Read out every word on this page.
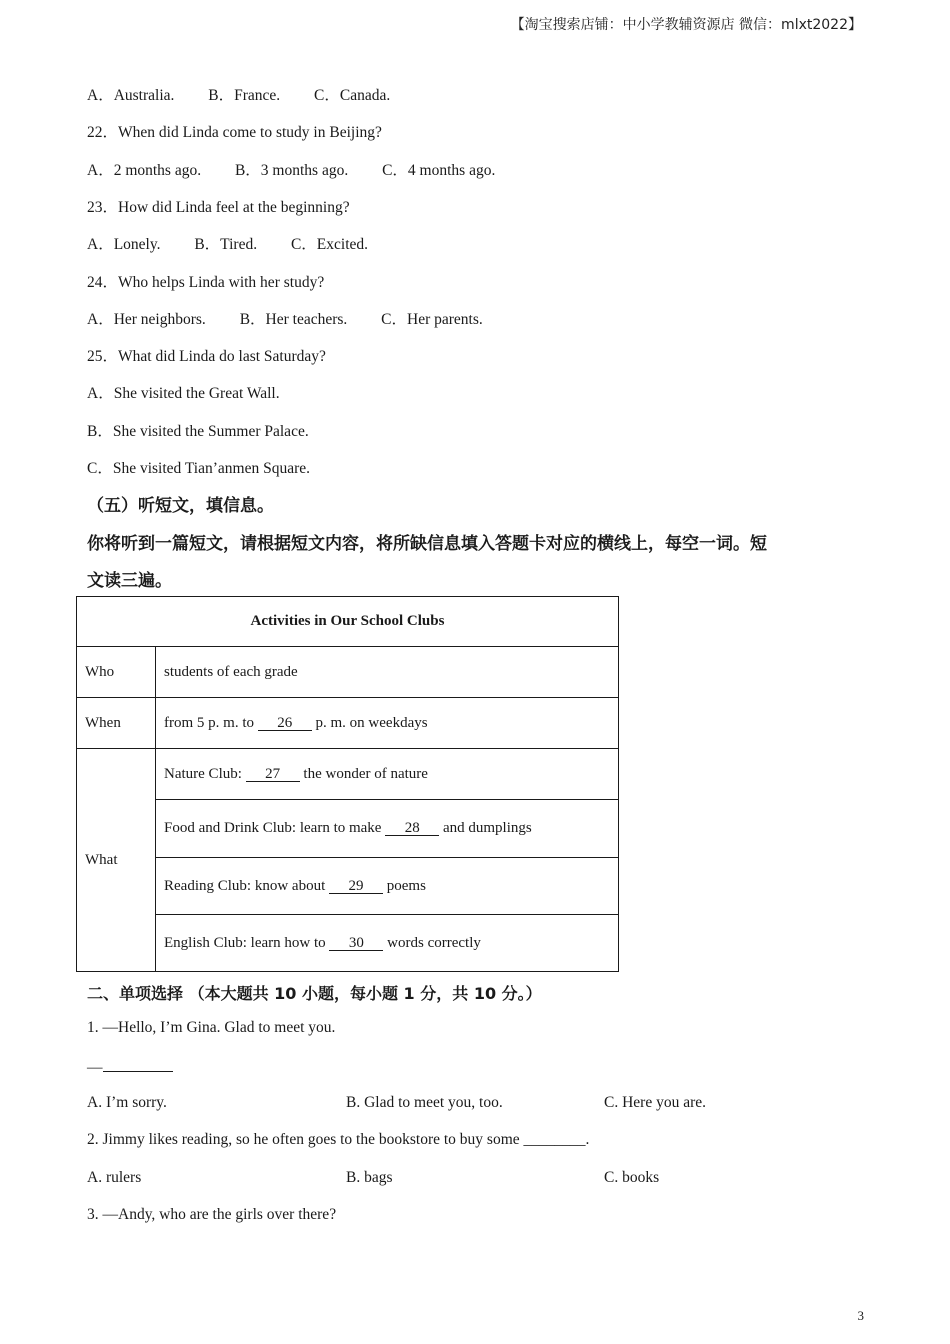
【淘宝搜索店铺：中小学教辅资源店 微信：mlxt2022】
A．Australia. B．France. C．Canada.
22．When did Linda come to study in Beijing?
A．2 months ago. B．3 months ago. C．4 months ago.
23．How did Linda feel at the beginning?
A．Lonely. B．Tired. C．Excited.
24．Who helps Linda with her study?
A．Her neighbors. B．Her teachers. C．Her parents.
25．What did Linda do last Saturday?
A．She visited the Great Wall.
B．She visited the Summer Palace.
C．She visited Tian’anmen Square.
（五）听短文，填信息。
你将听到一篇短文，请根据短文内容，将所缺信息填入答题卡对应的横线上，每空一词。短
文读三遍。
Activities in Our School Clubs	
Who	students of each grade
When	from 5 p. m. to 26 p. m. on weekdays
What	Nature Club: 27 the wonder of nature
	Food and Drink Club: learn to make 28 and dumplings
	Reading Club: know about 29 poems
	English Club: learn how to 30 words correctly
二、单项选择 （本大题共 10 小题，每小题 1 分，共 10 分。）
1. —Hello, I’m Gina. Glad to meet you.
—
A. I’m sorry.	B. Glad to meet you, too.	C. Here you are.
2. Jimmy likes reading, so he often goes to the bookstore to buy some ________.
A. rulers	B. bags	C. books
3. —Andy, who are the girls over there?
3
